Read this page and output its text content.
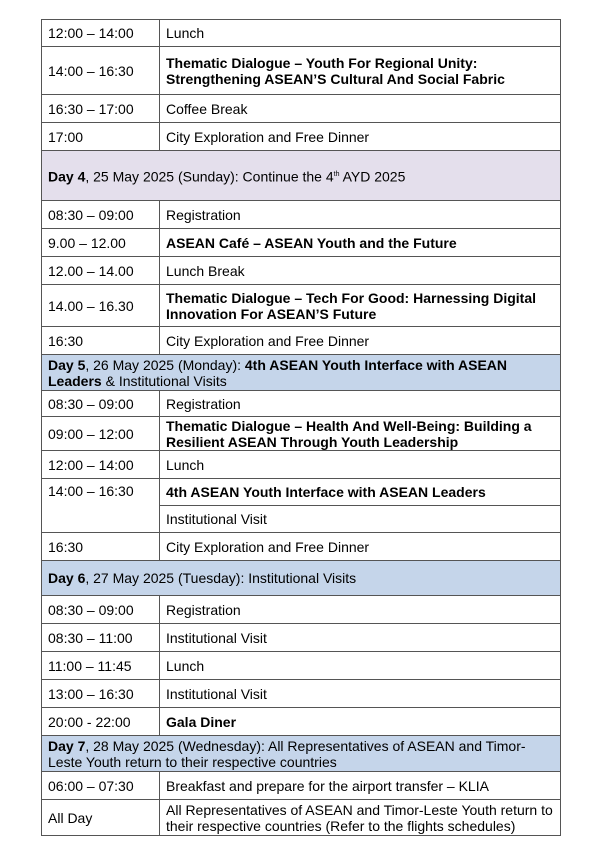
12:00 – 14:00	Lunch
14:00 – 16:30	Thematic Dialogue – Youth For Regional Unity: Strengthening ASEAN’S Cultural And Social Fabric
16:30 – 17:00	Coffee Break
17:00	City Exploration and Free Dinner
Day 4, 25 May 2025 (Sunday): Continue the 4th AYD 2025
08:30 – 09:00	Registration
9.00 – 12.00	ASEAN Café – ASEAN Youth and the Future
12.00 – 14.00	Lunch Break
14.00 – 16.30	Thematic Dialogue – Tech For Good: Harnessing Digital Innovation For ASEAN’S Future
16:30	City Exploration and Free Dinner
Day 5, 26 May 2025 (Monday): 4th ASEAN Youth Interface with ASEAN Leaders & Institutional Visits
08:30 – 09:00	Registration
09:00 – 12:00	Thematic Dialogue – Health And Well-Being: Building a Resilient ASEAN Through Youth Leadership
12:00 – 14:00	Lunch
14:00 – 16:30	4th ASEAN Youth Interface with ASEAN Leaders
Institutional Visit
16:30	City Exploration and Free Dinner
Day 6, 27 May 2025 (Tuesday): Institutional Visits
08:30 – 09:00	Registration
08:30 – 11:00	Institutional Visit
11:00 – 11:45	Lunch
13:00 – 16:30	Institutional Visit
20:00 - 22:00	Gala Diner
Day 7, 28 May 2025 (Wednesday): All Representatives of ASEAN and Timor-Leste Youth return to their respective countries
06:00 – 07:30	Breakfast and prepare for the airport transfer – KLIA
All Day	All Representatives of ASEAN and Timor-Leste Youth return to their respective countries (Refer to the flights schedules)
